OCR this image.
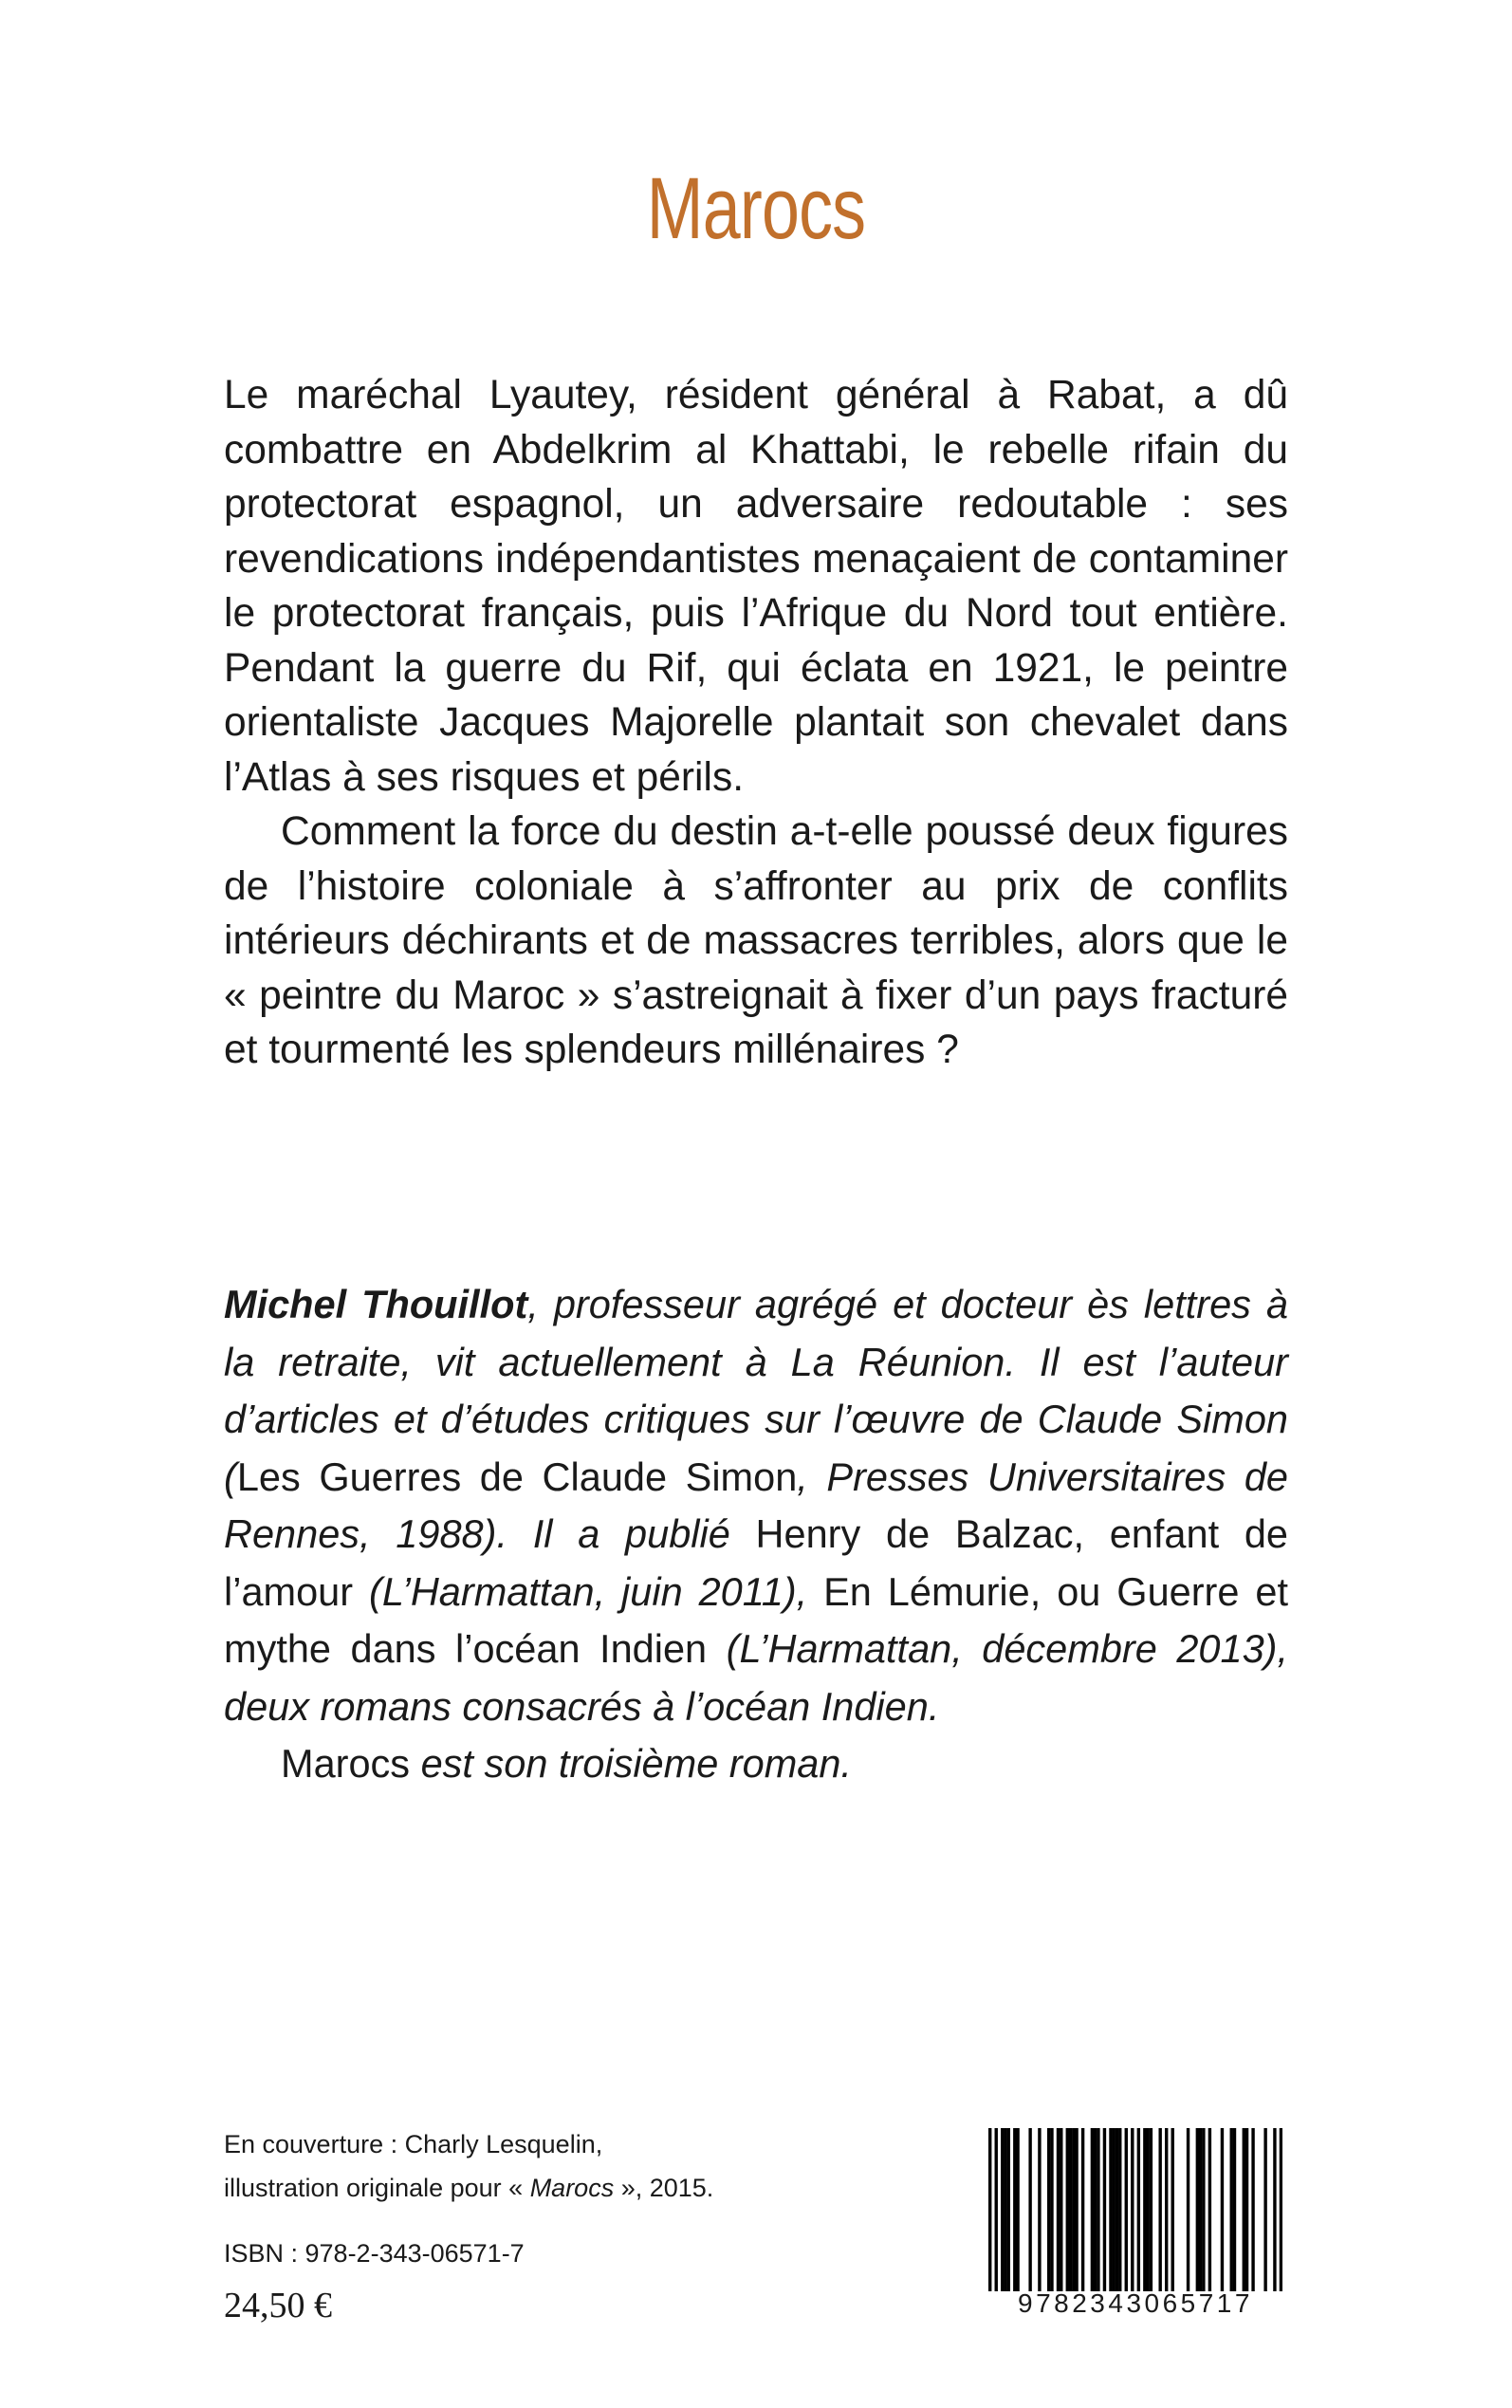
Marocs

Le maréchal Lyautey, résident général à Rabat, a dû combattre en Abdelkrim al Khattabi, le rebelle rifain du protectorat espagnol, un adversaire redoutable : ses revendications indépendantistes menaçaient de contaminer le protectorat français, puis l’Afrique du Nord tout entière. Pendant la guerre du Rif, qui éclata en 1921, le peintre orientaliste Jacques Majorelle plantait son chevalet dans l’Atlas à ses risques et périls.

Comment la force du destin a-t-elle poussé deux figures de l’histoire coloniale à s’affronter au prix de conflits intérieurs déchirants et de massacres terribles, alors que le « peintre du Maroc » s’astreignait à fixer d’un pays fracturé et tourmenté les splendeurs millénaires ?

Michel Thouillot, professeur agrégé et docteur ès lettres à la retraite, vit actuellement à La Réunion. Il est l’auteur d’articles et d’études critiques sur l’œuvre de Claude Simon (Les Guerres de Claude Simon, Presses Universitaires de Rennes, 1988). Il a publié Henry de Balzac, enfant de l’amour (L’Harmattan, juin 2011), En Lémurie, ou Guerre et mythe dans l’océan Indien (L’Harmattan, décembre 2013), deux romans consacrés à l’océan Indien.

Marocs est son troisième roman.

En couverture : Charly Lesquelin,
illustration originale pour « Marocs », 2015.
ISBN : 978-2-343-06571-7
24,50 €	9782343065717
